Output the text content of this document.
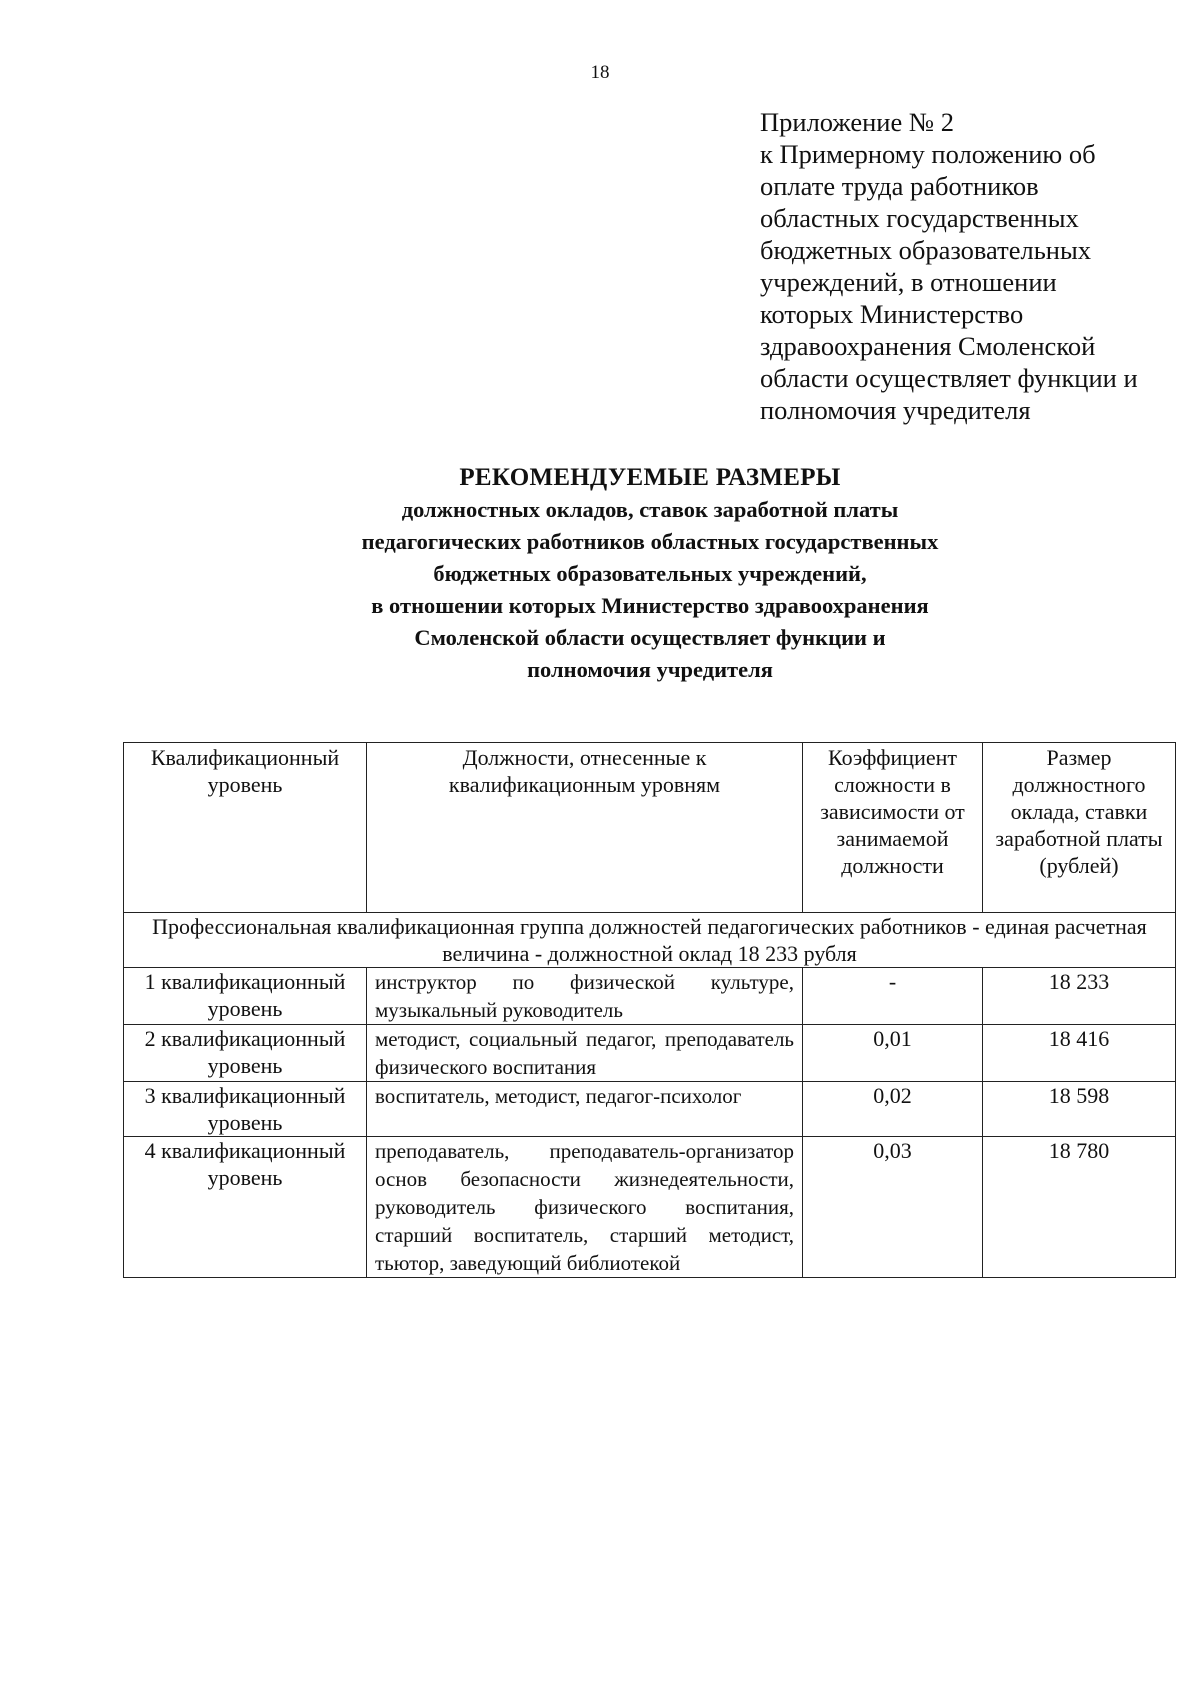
18
Приложение № 2
к Примерному положению об
оплате труда работников
областных государственных
бюджетных образовательных
учреждений, в отношении
которых Министерство
здравоохранения Смоленской
области осуществляет функции и
полномочия учредителя
РЕКОМЕНДУЕМЫЕ РАЗМЕРЫ
должностных окладов, ставок заработной платы
педагогических работников областных государственных
бюджетных образовательных учреждений,
в отношении которых Министерство здравоохранения
Смоленской области осуществляет функции и
полномочия учредителя
Квалификационный уровень	Должности, отнесенные к квалификационным уровням	Коэффициент сложности в зависимости от занимаемой должности	Размер должностного оклада, ставки заработной платы (рублей)
Профессиональная квалификационная группа должностей педагогических работников - единая расчетная величина - должностной оклад 18 233 рубля			
1 квалификационный уровень	инструктор по физической культуре, музыкальный руководитель	-	18 233
2 квалификационный уровень	методист, социальный педагог, преподаватель физического воспитания	0,01	18 416
3 квалификационный уровень	воспитатель, методист, педагог-психолог	0,02	18 598
4 квалификационный уровень	преподаватель, преподаватель-организатор основ безопасности жизнедеятельности, руководитель физического воспитания, старший воспитатель, старший методист, тьютор, заведующий библиотекой	0,03	18 780
